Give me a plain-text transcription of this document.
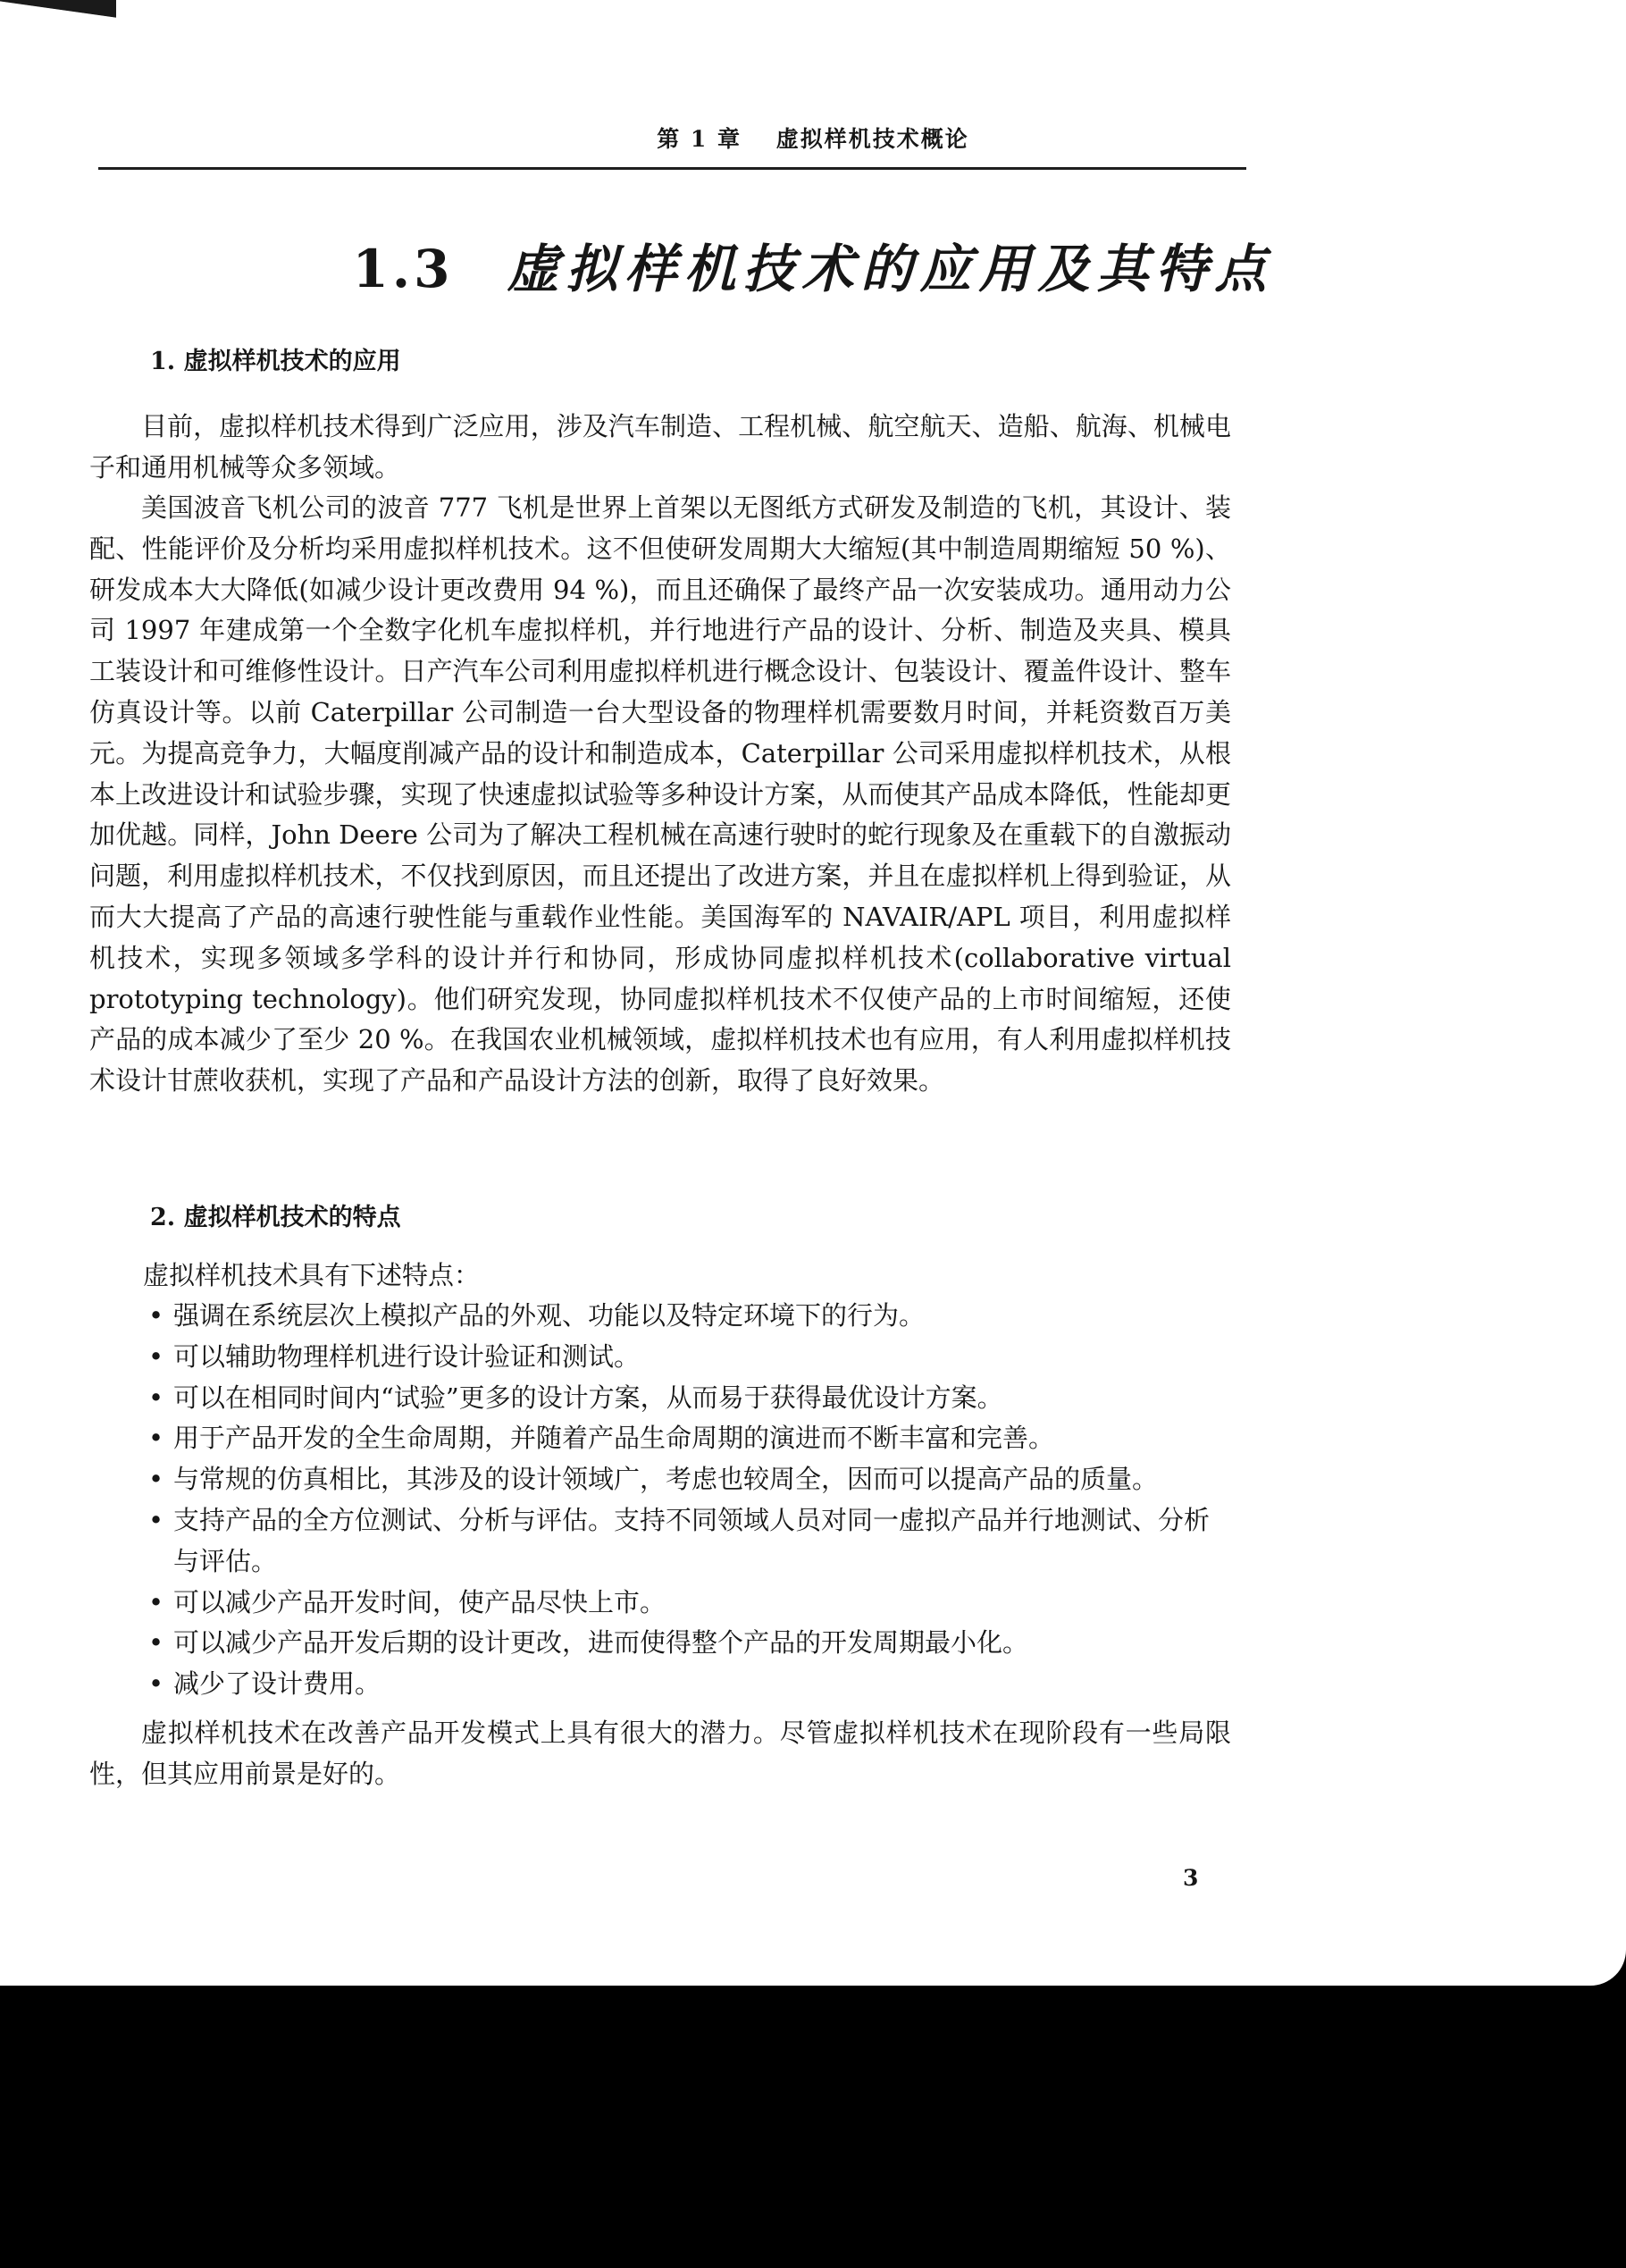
第 1 章 虚拟样机技术概论
1.3 虚拟样机技术的应用及其特点
1. 虚拟样机技术的应用

目前，虚拟样机技术得到广泛应用，涉及汽车制造、工程机械、航空航天、造船、航海、机械电子和通用机械等众多领域。

美国波音飞机公司的波音 777 飞机是世界上首架以无图纸方式研发及制造的飞机，其设计、装配、性能评价及分析均采用虚拟样机技术。这不但使研发周期大大缩短(其中制造周期缩短 50 %)、研发成本大大降低(如减少设计更改费用 94 %)，而且还确保了最终产品一次安装成功。通用动力公司 1997 年建成第一个全数字化机车虚拟样机，并行地进行产品的设计、分析、制造及夹具、模具工装设计和可维修性设计。日产汽车公司利用虚拟样机进行概念设计、包装设计、覆盖件设计、整车仿真设计等。以前 Caterpillar 公司制造一台大型设备的物理样机需要数月时间，并耗资数百万美元。为提高竞争力，大幅度削减产品的设计和制造成本，Caterpillar 公司采用虚拟样机技术，从根本上改进设计和试验步骤，实现了快速虚拟试验等多种设计方案，从而使其产品成本降低，性能却更加优越。同样，John Deere 公司为了解决工程机械在高速行驶时的蛇行现象及在重载下的自激振动问题，利用虚拟样机技术，不仅找到原因，而且还提出了改进方案，并且在虚拟样机上得到验证，从而大大提高了产品的高速行驶性能与重载作业性能。美国海军的 NAVAIR/APL 项目，利用虚拟样机技术，实现多领域多学科的设计并行和协同，形成协同虚拟样机技术(collaborative virtual prototyping technology)。他们研究发现，协同虚拟样机技术不仅使产品的上市时间缩短，还使产品的成本减少了至少 20 %。在我国农业机械领域，虚拟样机技术也有应用，有人利用虚拟样机技术设计甘蔗收获机，实现了产品和产品设计方法的创新，取得了良好效果。

2. 虚拟样机技术的特点
虚拟样机技术具有下述特点：
• 强调在系统层次上模拟产品的外观、功能以及特定环境下的行为。
• 可以辅助物理样机进行设计验证和测试。
• 可以在相同时间内“试验”更多的设计方案，从而易于获得最优设计方案。
• 用于产品开发的全生命周期，并随着产品生命周期的演进而不断丰富和完善。
• 与常规的仿真相比，其涉及的设计领域广，考虑也较周全，因而可以提高产品的质量。
• 支持产品的全方位测试、分析与评估。支持不同领域人员对同一虚拟产品并行地测试、分析与评估。
• 可以减少产品开发时间，使产品尽快上市。
• 可以减少产品开发后期的设计更改，进而使得整个产品的开发周期最小化。
• 减少了设计费用。

虚拟样机技术在改善产品开发模式上具有很大的潜力。尽管虚拟样机技术在现阶段有一些局限性，但其应用前景是好的。

3
